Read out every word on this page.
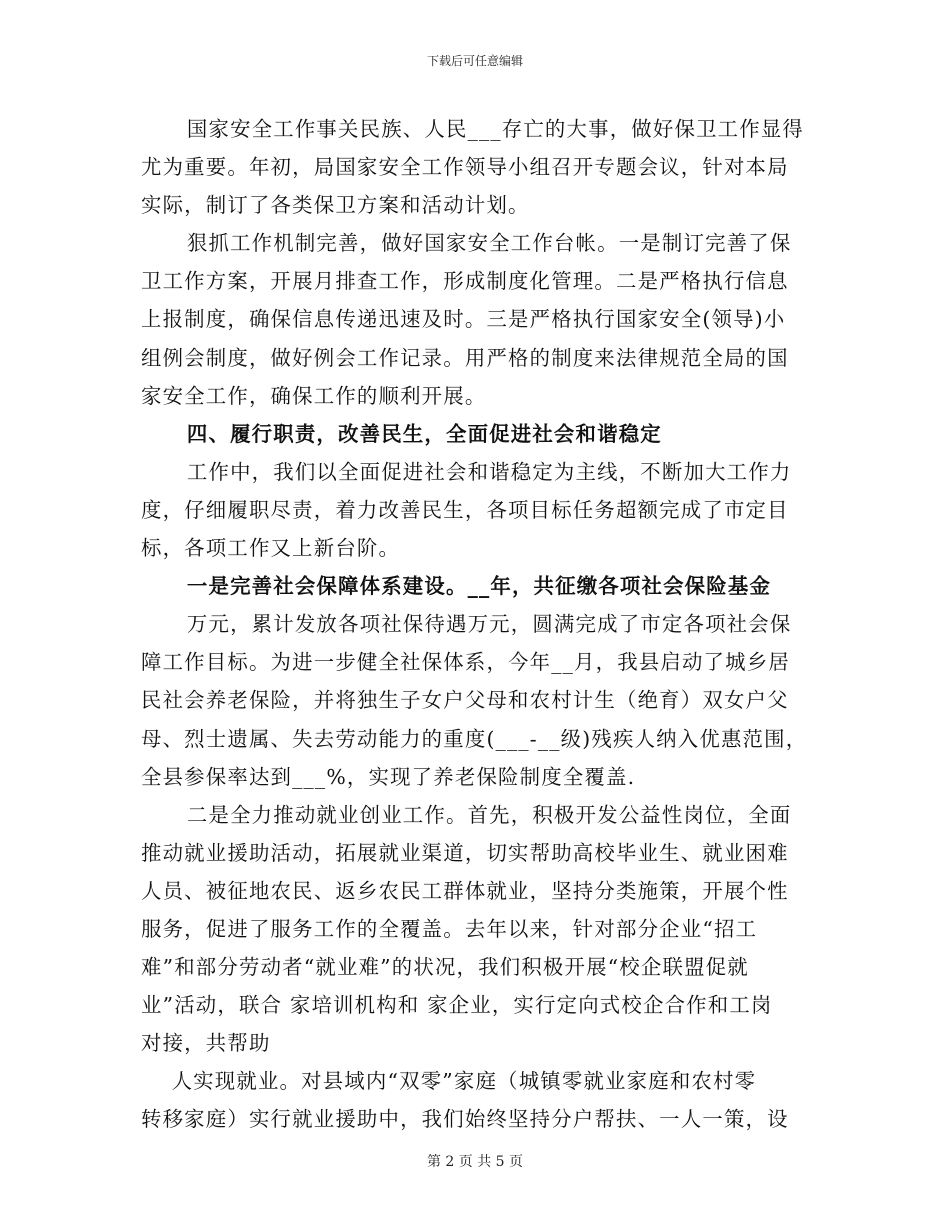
下载后可任意编辑
国家安全工作事关民族、人民___存亡的大事，做好保卫工作显得
尤为重要。年初，局国家安全工作领导小组召开专题会议，针对本局
实际，制订了各类保卫方案和活动计划。
狠抓工作机制完善，做好国家安全工作台帐。一是制订完善了保
卫工作方案，开展月排查工作，形成制度化管理。二是严格执行信息
上报制度，确保信息传递迅速及时。三是严格执行国家安全(领导)小
组例会制度，做好例会工作记录。用严格的制度来法律规范全局的国
家安全工作，确保工作的顺利开展。
四、履行职责，改善民生，全面促进社会和谐稳定
工作中，我们以全面促进社会和谐稳定为主线，不断加大工作力
度，仔细履职尽责，着力改善民生，各项目标任务超额完成了市定目
标，各项工作又上新台阶。
一是完善社会保障体系建设。__年，共征缴各项社会保险基金
万元，累计发放各项社保待遇万元，圆满完成了市定各项社会保
障工作目标。为进一步健全社保体系，今年__月，我县启动了城乡居
民社会养老保险，并将独生子女户父母和农村计生（绝育）双女户父
母、烈士遗属、失去劳动能力的重度(___-__级)残疾人纳入优惠范围，
全县参保率达到___%，实现了养老保险制度全覆盖.
二是全力推动就业创业工作。首先，积极开发公益性岗位，全面
推动就业援助活动，拓展就业渠道，切实帮助高校毕业生、就业困难
人员、被征地农民、返乡农民工群体就业，坚持分类施策，开展个性
服务，促进了服务工作的全覆盖。去年以来，针对部分企业“招工
难”和部分劳动者“就业难”的状况，我们积极开展“校企联盟促就
业”活动，联合 家培训机构和 家企业，实行定向式校企合作和工岗
对接，共帮助
人实现就业。对县域内“双零”家庭（城镇零就业家庭和农村零
转移家庭）实行就业援助中，我们始终坚持分户帮扶、一人一策，设
第 2 页 共 5 页
